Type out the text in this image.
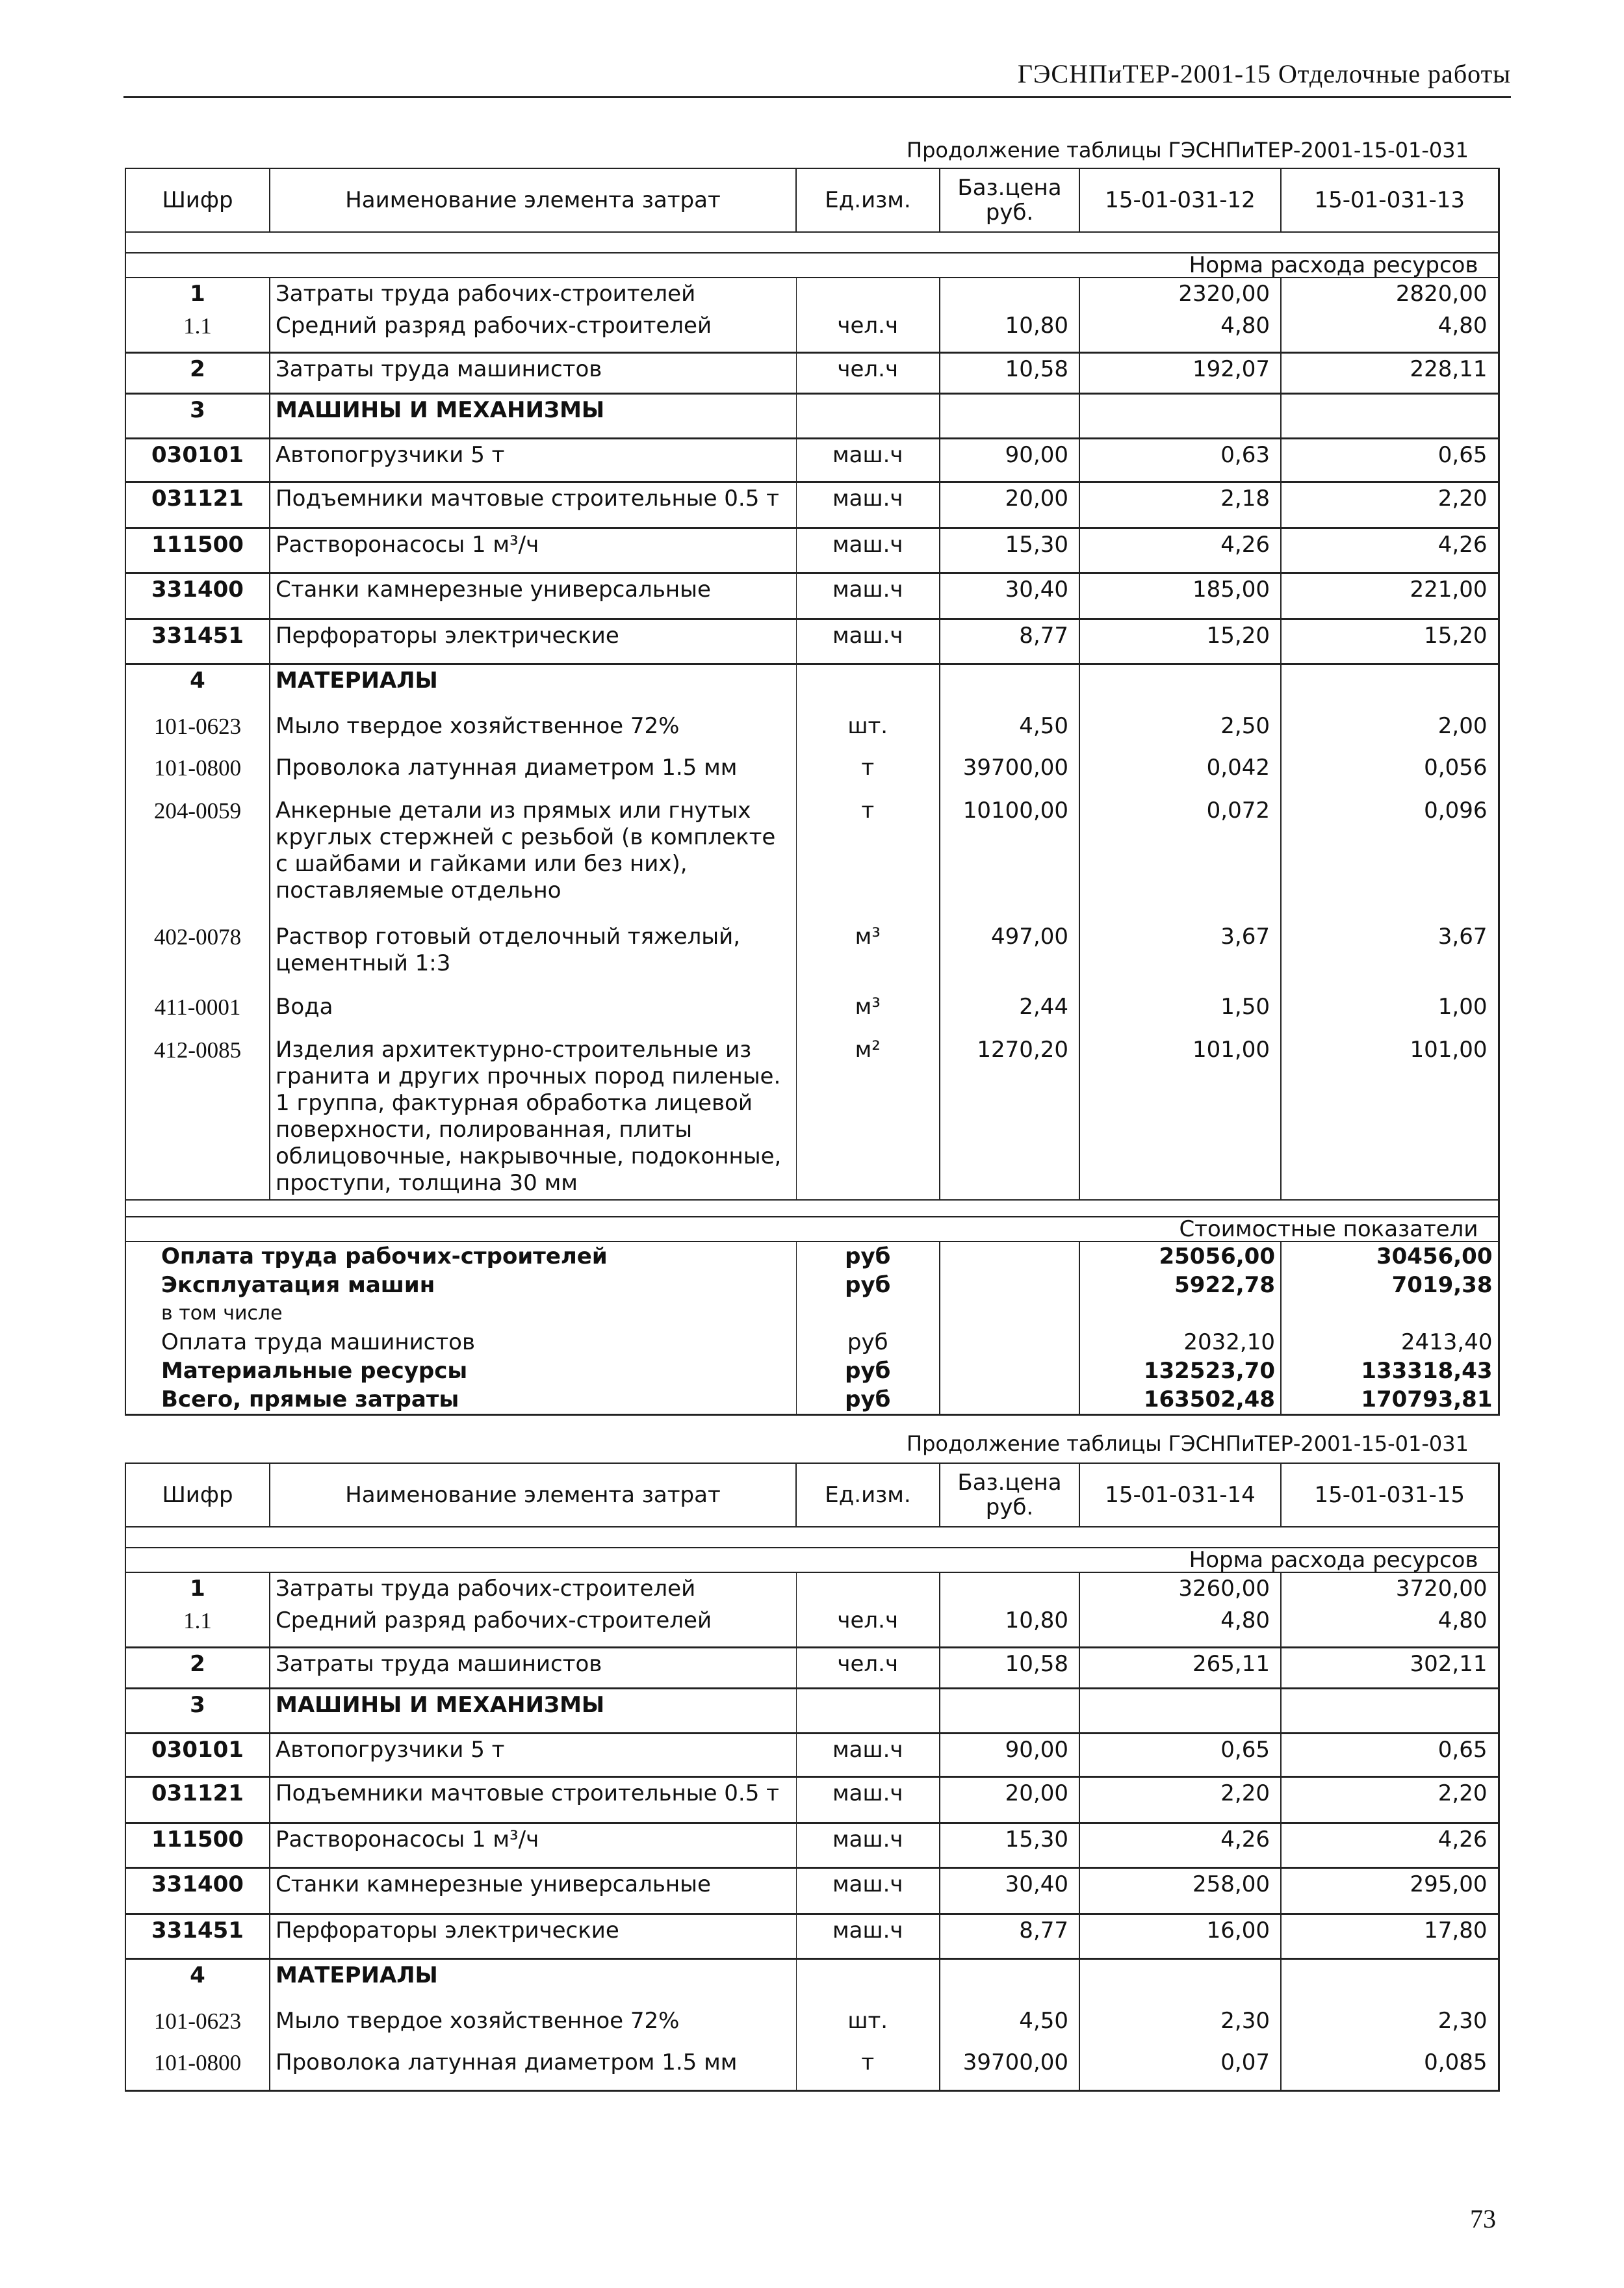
ГЭСНПиТЕР-2001-15 Отделочные работы
Продолжение таблицы ГЭСНПиТЕР-2001-15-01-031
Шифр	Наименование элемента затрат	Ед.изм.	Баз.цена руб.	15-01-031-12	15-01-031-13

				Норма расхода ресурсов	
1	Затраты труда рабочих-строителей			2320,00	2820,00
1.1	Средний разряд рабочих-строителей	чел.ч	10,80	4,80	4,80
2	Затраты труда машинистов	чел.ч	10,58	192,07	228,11
3	МАШИНЫ И МЕХАНИЗМЫ				
030101	Автопогрузчики 5 т	маш.ч	90,00	0,63	0,65
031121	Подъемники мачтовые строительные 0.5 т	маш.ч	20,00	2,18	2,20
111500	Растворонасосы 1 м³/ч	маш.ч	15,30	4,26	4,26
331400	Станки камнерезные универсальные	маш.ч	30,40	185,00	221,00
331451	Перфораторы электрические	маш.ч	8,77	15,20	15,20
4	МАТЕРИАЛЫ				
101-0623	Мыло твердое хозяйственное 72%	шт.	4,50	2,50	2,00
101-0800	Проволока латунная диаметром 1.5 мм	т	39700,00	0,042	0,056
204-0059	Анкерные детали из прямых или гнутых круглых стержней с резьбой (в комплекте с шайбами и гайками или без них), поставляемые отдельно	т	10100,00	0,072	0,096
402-0078	Раствор готовый отделочный тяжелый, цементный 1:3	м³	497,00	3,67	3,67
411-0001	Вода	м³	2,44	1,50	1,00
412-0085	Изделия архитектурно-строительные из гранита и других прочных пород пиленые. 1 группа, фактурная обработка лицевой поверхности, полированная, плиты облицовочные, накрывочные, подоконные, проступи, толщина 30 мм	м²	1270,20	101,00	101,00

				Стоимостные показатели	
Оплата труда рабочих-строителей		руб		25056,00	30456,00
Эксплуатация машин		руб		5922,78	7019,38
в том числе					
Оплата труда машинистов		руб		2032,10	2413,40
Материальные ресурсы		руб		132523,70	133318,43
Всего, прямые затраты		руб		163502,48	170793,81
Продолжение таблицы ГЭСНПиТЕР-2001-15-01-031
Шифр	Наименование элемента затрат	Ед.изм.	Баз.цена руб.	15-01-031-14	15-01-031-15

				Норма расхода ресурсов	
1	Затраты труда рабочих-строителей			3260,00	3720,00
1.1	Средний разряд рабочих-строителей	чел.ч	10,80	4,80	4,80
2	Затраты труда машинистов	чел.ч	10,58	265,11	302,11
3	МАШИНЫ И МЕХАНИЗМЫ				
030101	Автопогрузчики 5 т	маш.ч	90,00	0,65	0,65
031121	Подъемники мачтовые строительные 0.5 т	маш.ч	20,00	2,20	2,20
111500	Растворонасосы 1 м³/ч	маш.ч	15,30	4,26	4,26
331400	Станки камнерезные универсальные	маш.ч	30,40	258,00	295,00
331451	Перфораторы электрические	маш.ч	8,77	16,00	17,80
4	МАТЕРИАЛЫ				
101-0623	Мыло твердое хозяйственное 72%	шт.	4,50	2,30	2,30
101-0800	Проволока латунная диаметром 1.5 мм	т	39700,00	0,07	0,085

73
